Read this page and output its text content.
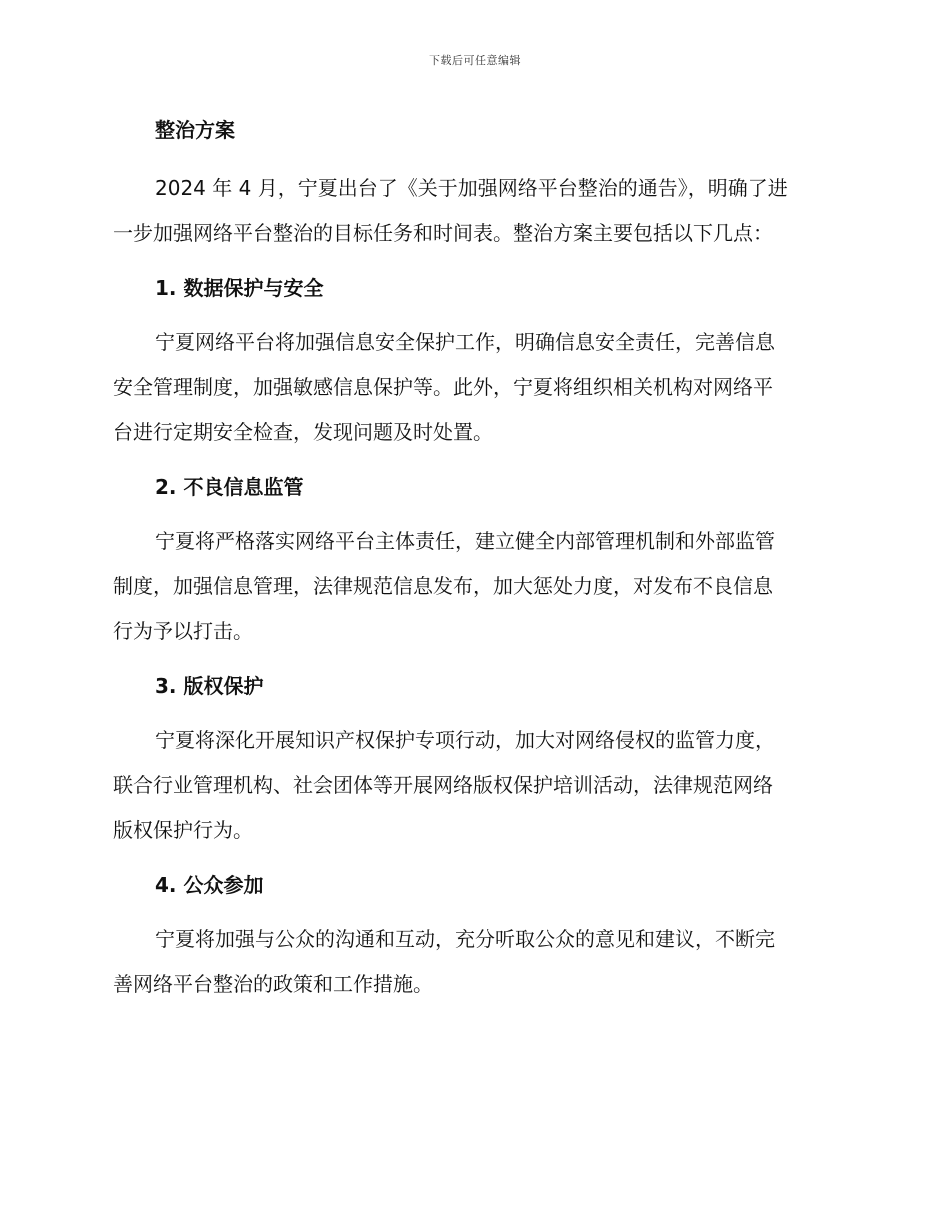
下载后可任意编辑
整治方案
2024 年 4 月，宁夏出台了《关于加强网络平台整治的通告》，明确了进
一步加强网络平台整治的目标任务和时间表。整治方案主要包括以下几点：
1. 数据保护与安全
宁夏网络平台将加强信息安全保护工作，明确信息安全责任，完善信息
安全管理制度，加强敏感信息保护等。此外，宁夏将组织相关机构对网络平
台进行定期安全检查，发现问题及时处置。
2. 不良信息监管
宁夏将严格落实网络平台主体责任，建立健全内部管理机制和外部监管
制度，加强信息管理，法律规范信息发布，加大惩处力度，对发布不良信息
行为予以打击。
3. 版权保护
宁夏将深化开展知识产权保护专项行动，加大对网络侵权的监管力度，
联合行业管理机构、社会团体等开展网络版权保护培训活动，法律规范网络
版权保护行为。
4. 公众参加
宁夏将加强与公众的沟通和互动，充分听取公众的意见和建议，不断完
善网络平台整治的政策和工作措施。
